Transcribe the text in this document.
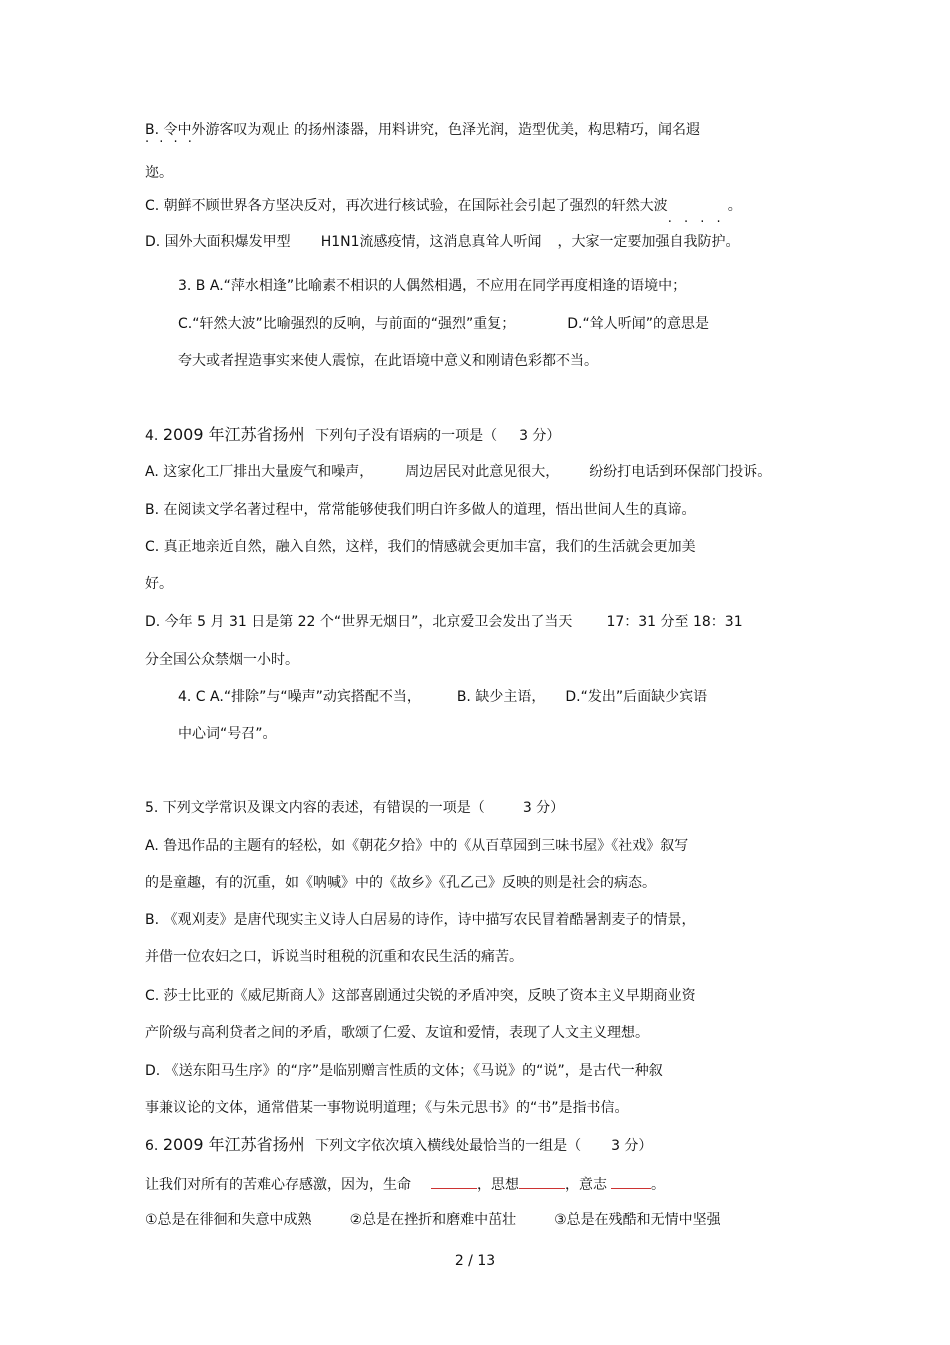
B. 令中外游客叹为观止 . . . . 的扬州漆器，用料讲究，色泽光润，造型优美，构思精巧，闻名遐
迩。
C. 朝鲜不顾世界各方坚决反对，再次进行核试验，在国际社会引起了强烈的轩然大波
. . . .
。
D. 国外大面积爆发甲型 H1N1流感疫情，这消息真耸人听闻 ，大家一定要加强自我防护。
3. B A.“萍水相逢”比喻素不相识的人偶然相遇，不应用在同学再度相逢的语境中；
C.“轩然大波”比喻强烈的反响，与前面的“强烈”重复；	D.“耸人听闻”的意思是
夸大或者捏造事实来使人震惊，在此语境中意义和刚请色彩都不当。
4. 2009 年江苏省扬州 下列句子没有语病的一项是（ 3 分）
A. 这家化工厂排出大量废气和噪声， 周边居民对此意见很大， 纷纷打电话到环保部门投诉。
B. 在阅读文学名著过程中，常常能够使我们明白许多做人的道理，悟出世间人生的真谛。
C. 真正地亲近自然，融入自然，这样，我们的情感就会更加丰富，我们的生活就会更加美
好。
D. 今年 5 月 31 日是第 22 个“世界无烟日”，北京爱卫会发出了当天 17：31 分至 18：31
分全国公众禁烟一小时。
4. C A.“排除”与“噪声”动宾搭配不当，	B. 缺少主语， D.“发出”后面缺少宾语
中心词“号召”。
5. 下列文学常识及课文内容的表述，有错误的一项是（	3 分）
A. 鲁迅作品的主题有的轻松，如《朝花夕拾》中的《从百草园到三味书屋》《社戏》叙写
的是童趣，有的沉重，如《呐喊》中的《故乡》《孔乙己》反映的则是社会的病态。
B. 《观刈麦》是唐代现实主义诗人白居易的诗作，诗中描写农民冒着酷暑割麦子的情景，
并借一位农妇之口，诉说当时租税的沉重和农民生活的痛苦。
C. 莎士比亚的《威尼斯商人》这部喜剧通过尖锐的矛盾冲突，反映了资本主义早期商业资
产阶级与高利贷者之间的矛盾，歌颂了仁爱、友谊和爱情，表现了人文主义理想。
D. 《送东阳马生序》的“序”是临别赠言性质的文体；《马说》的“说”，是古代一种叙
事兼议论的文体，通常借某一事物说明道理；《与朱元思书》的“书”是指书信。
6. 2009 年江苏省扬州 下列文字依次填入横线处最恰当的一组是（ 3 分）
让我们对所有的苦难心存感激，因为，生命	，思想	，意志	。
①总是在徘徊和失意中成熟	②总是在挫折和磨难中茁壮	③总是在残酷和无情中坚强
2 / 13
